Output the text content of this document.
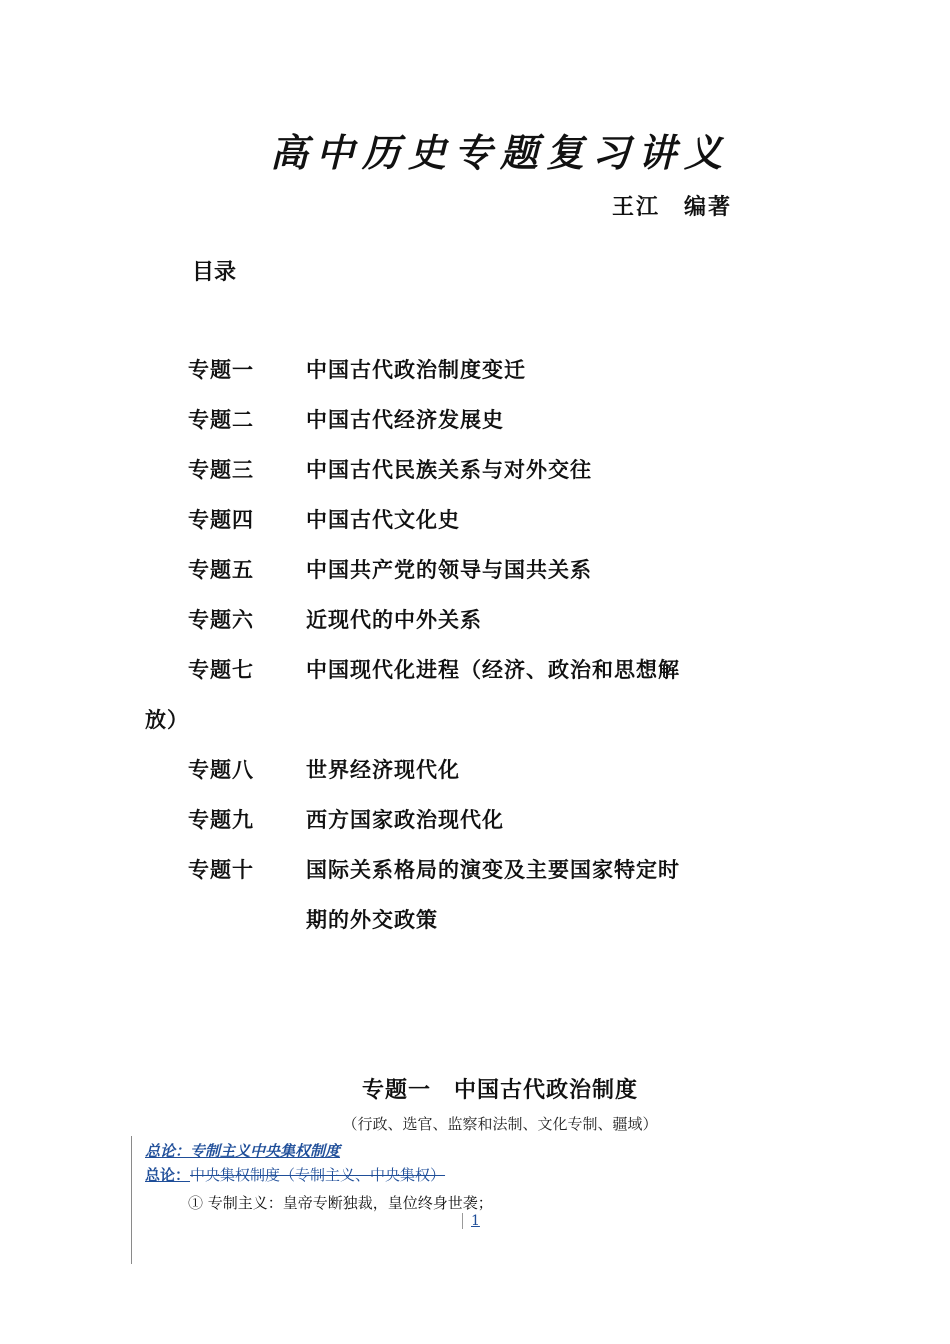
高中历史专题复习讲义
王江　编著
目录
专题一 中国古代政治制度变迁
专题二 中国古代经济发展史
专题三 中国古代民族关系与对外交往
专题四 中国古代文化史
专题五 中国共产党的领导与国共关系
专题六 近现代的中外关系
专题七 中国现代化进程（经济、政治和思想解
放）
专题八 世界经济现代化
专题九 西方国家政治现代化
专题十 国际关系格局的演变及主要国家特定时
期的外交政策
专题一　中国古代政治制度
（行政、选官、监察和法制、文化专制、疆域）
总论：专制主义中央集权制度
总论：中央集权制度（专制主义、中央集权）
① 专制主义：皇帝专断独裁，皇位终身世袭；
1
